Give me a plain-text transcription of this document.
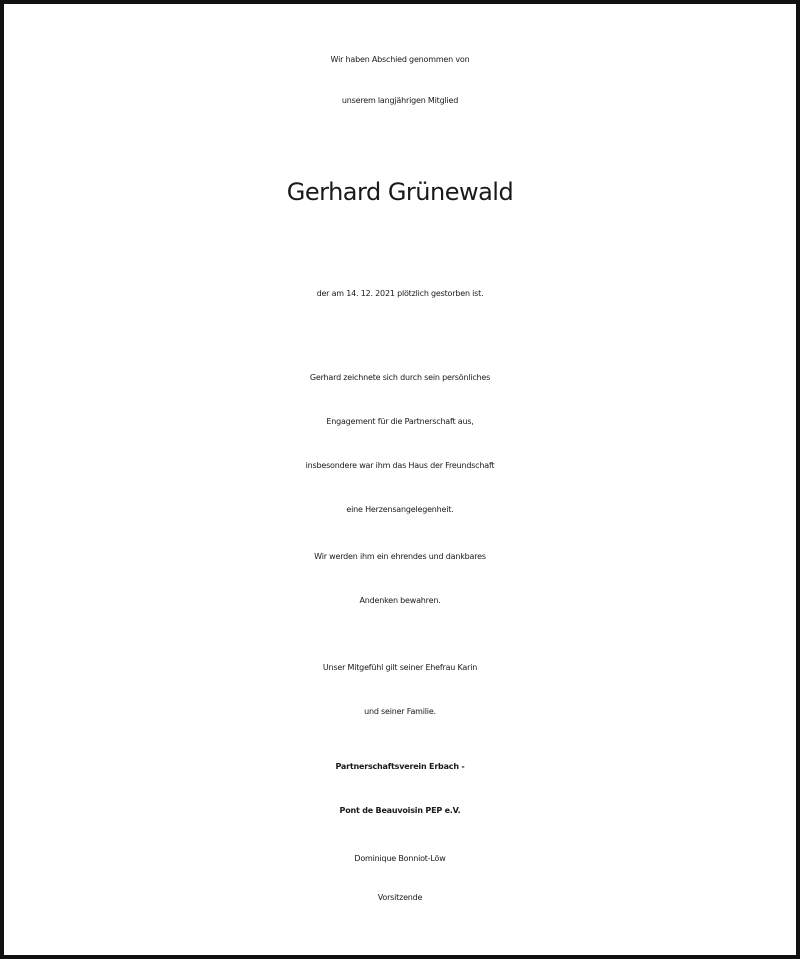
Wir haben Abschied genommen von
unserem langjährigen Mitglied
Gerhard Grünewald
der am 14. 12. 2021 plötzlich gestorben ist.
Gerhard zeichnete sich durch sein persönliches
Engagement für die Partnerschaft aus,
insbesondere war ihm das Haus der Freundschaft
eine Herzensangelegenheit.
Wir werden ihm ein ehrendes und dankbares
Andenken bewahren.
Unser Mitgefühl gilt seiner Ehefrau Karin
und seiner Familie.
Partnerschaftsverein Erbach -
Pont de Beauvoisin PEP e.V.
Dominique Bonniot-Löw
Vorsitzende
